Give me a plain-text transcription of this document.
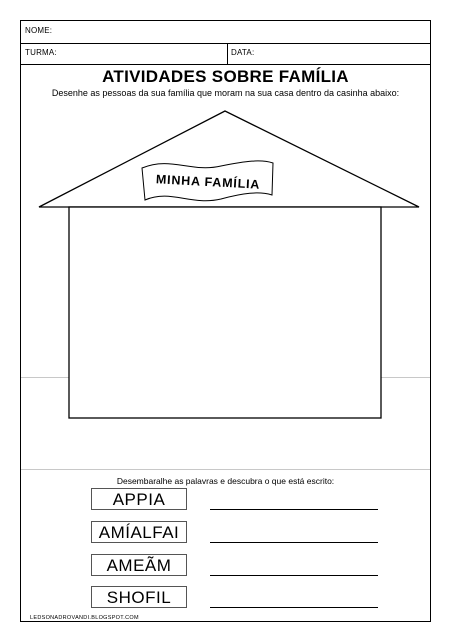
NOME:
TURMA:	DATA:
ATIVIDADES SOBRE FAMÍLIA
Desenhe as pessoas da sua família que moram na sua casa dentro da casinha abaixo:
MINHA FAMÍLIA
Desembaralhe as palavras e descubra o que está escrito:
APPIA
AMÍALFAI
AMEÃM
SHOFIL
LEDSONADROVANDI.BLOGSPOT.COM
